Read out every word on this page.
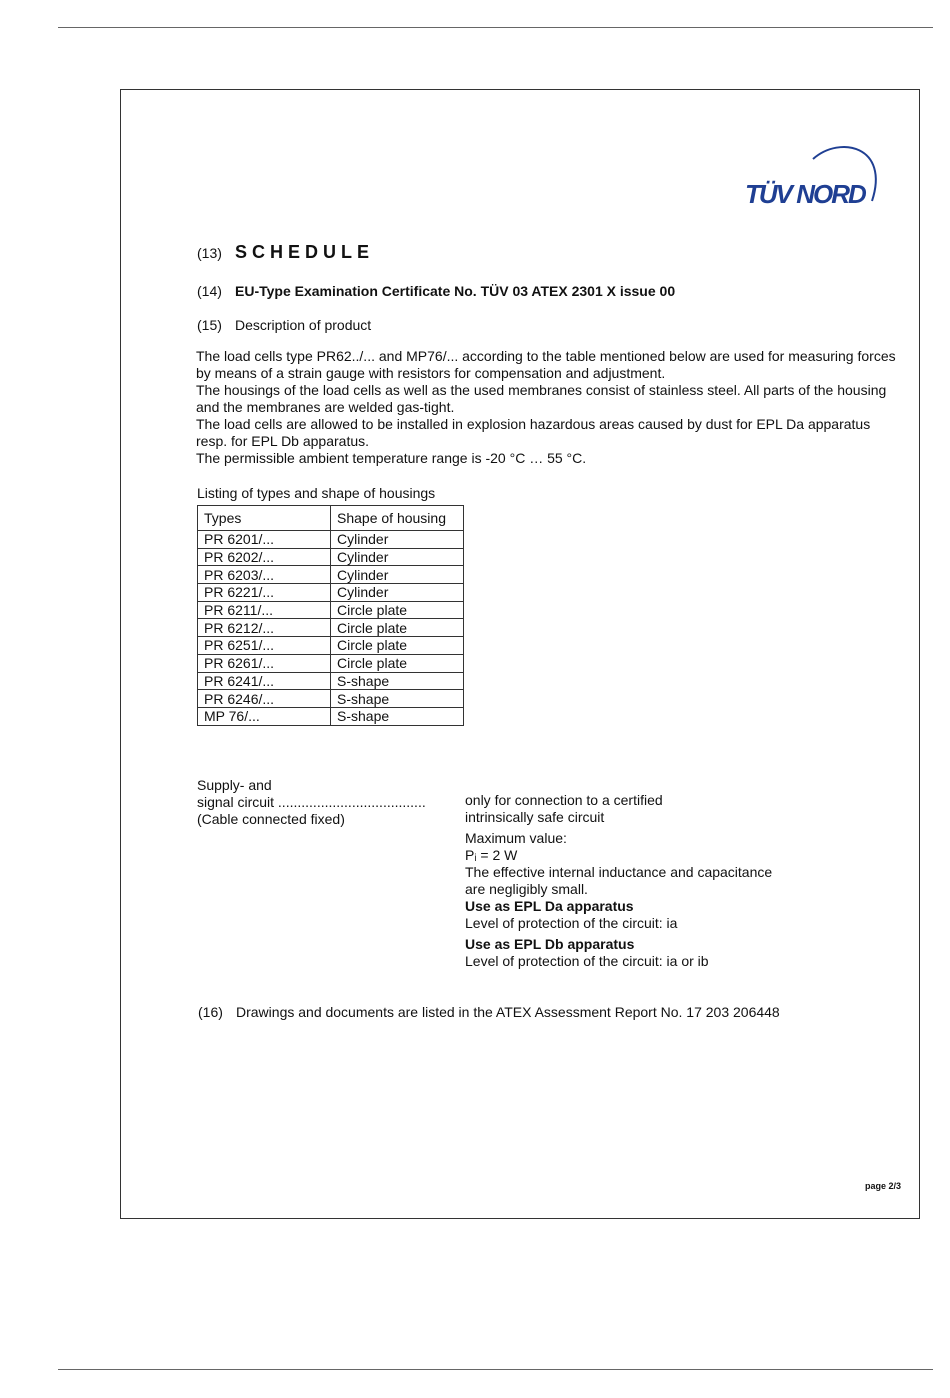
TÜV NORD
(13) SCHEDULE
(14) EU-Type Examination Certificate No. TÜV 03 ATEX 2301 X issue 00
(15) Description of product

The load cells type PR62../... and MP76/... according to the table mentioned below are used for measuring forces by means of a strain gauge with resistors for compensation and adjustment.

The housings of the load cells as well as the used membranes consist of stainless steel. All parts of the housing and the membranes are welded gas-tight.

The load cells are allowed to be installed in explosion hazardous areas caused by dust for EPL Da apparatus resp. for EPL Db apparatus.

The permissible ambient temperature range is -20 °C … 55 °C.

Listing of types and shape of housings
Types	Shape of housing
PR 6201/...	Cylinder
PR 6202/...	Cylinder
PR 6203/...	Cylinder
PR 6221/...	Cylinder
PR 6211/...	Circle plate
PR 6212/...	Circle plate
PR 6251/...	Circle plate
PR 6261/...	Circle plate
PR 6241/...	S-shape
PR 6246/...	S-shape
MP 76/...	S-shape
Supply- and
signal circuit ......................................
(Cable connected fixed)
only for connection to a certified
intrinsically safe circuit
Maximum value:
Pᵢ = 2 W
The effective internal inductance and capacitance
are negligibly small.
Use as EPL Da apparatus
Level of protection of the circuit: ia
Use as EPL Db apparatus
Level of protection of the circuit: ia or ib
(16) Drawings and documents are listed in the ATEX Assessment Report No. 17 203 206448
page 2/3
